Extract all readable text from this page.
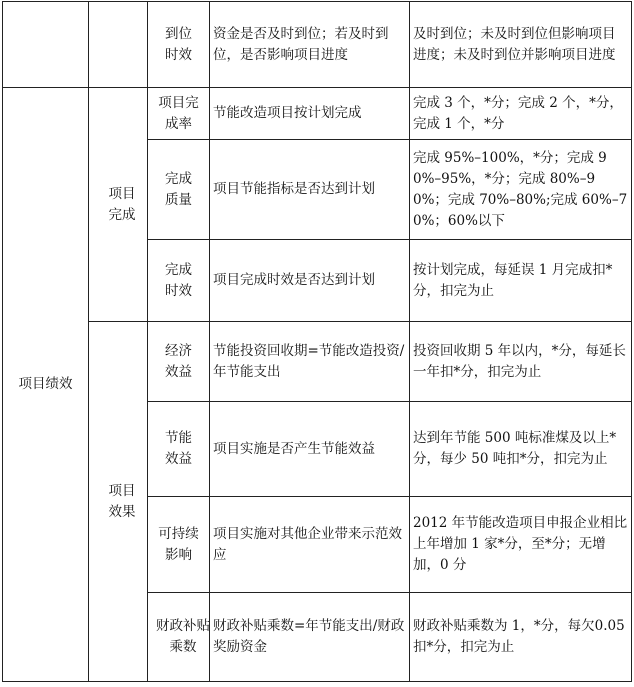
		到位时效	资金是否及时到位；若及时到位，是否影响项目进度	及时到位；未及时到位但影响项目进度；未及时到位并影响项目进度
项目绩效	项目完成	项目完成率	节能改造项目按计划完成	完成 3 个，*分；完成 2 个，*分，完成 1 个，*分
		完成质量	项目节能指标是否达到计划	完成 95%–100%，*分；完成 90%–95%，*分；完成 80%–90%；完成 70%–80%;完成 60%–70%；60%以下
		完成时效	项目完成时效是否达到计划	按计划完成，每延误 1 月完成扣*分，扣完为止
	项目效果	经济效益	节能投资回收期=节能改造投资/年节能支出	投资回收期 5 年以内，*分，每延长一年扣*分，扣完为止
		节能效益	项目实施是否产生节能效益	达到年节能 500 吨标准煤及以上*分，每少 50 吨扣*分，扣完为止
		可持续影响	项目实施对其他企业带来示范效应	2012 年节能改造项目申报企业相比上年增加 1 家*分，至*分；无增加，0 分
		财政补贴乘数	财政补贴乘数=年节能支出/财政奖励资金	财政补贴乘数为 1，*分，每欠0.05 扣*分，扣完为止
